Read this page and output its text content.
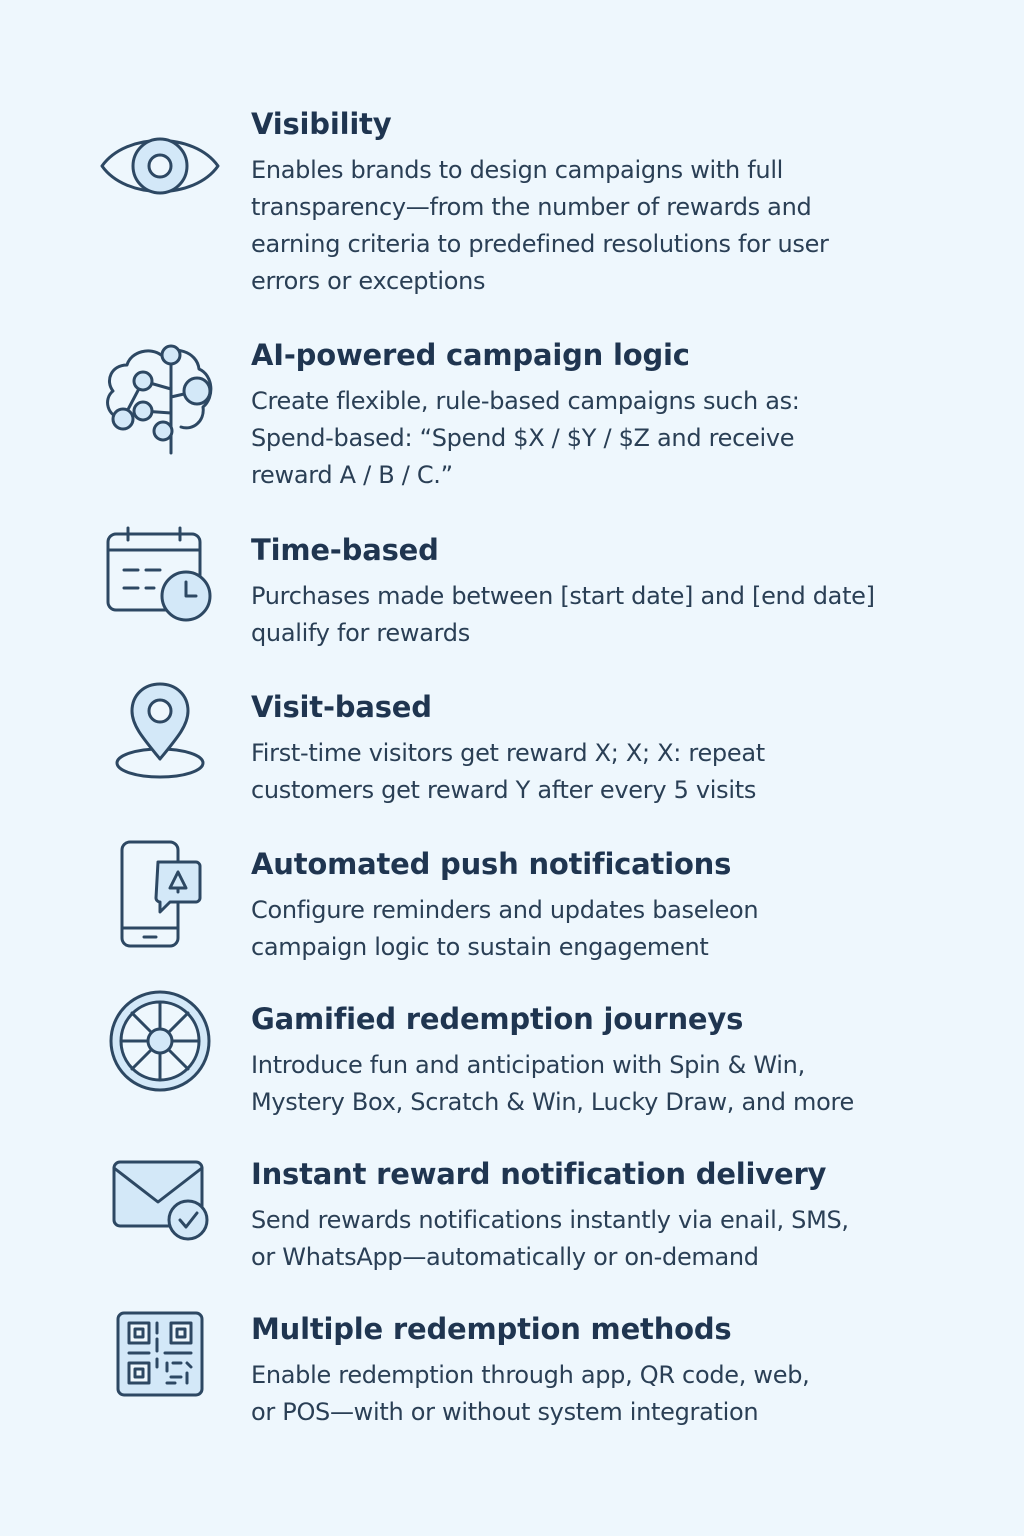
Visibility

Enables brands to design campaigns with full
transparency—from the number of rewards and
earning criteria to predefined resolutions for user
errors or exceptions

AI-powered campaign logic

Create flexible, rule-based campaigns such as:
Spend-based: “Spend $X / $Y / $Z and receive
reward A / B / C.”

Time-based

Purchases made between [start date] and [end date]
qualify for rewards

Visit-based

First-time visitors get reward X; X; X: repeat
customers get reward Y after every 5 visits

Automated push notifications

Configure reminders and updates baseleon
campaign logic to sustain engagement

Gamified redemption journeys

Introduce fun and anticipation with Spin & Win,
Mystery Box, Scratch & Win, Lucky Draw, and more

Instant reward notification delivery

Send rewards notifications instantly via enail, SMS,
or WhatsApp—automatically or on-demand

Multiple redemption methods

Enable redemption through app, QR code, web,
or POS—with or without system integration
